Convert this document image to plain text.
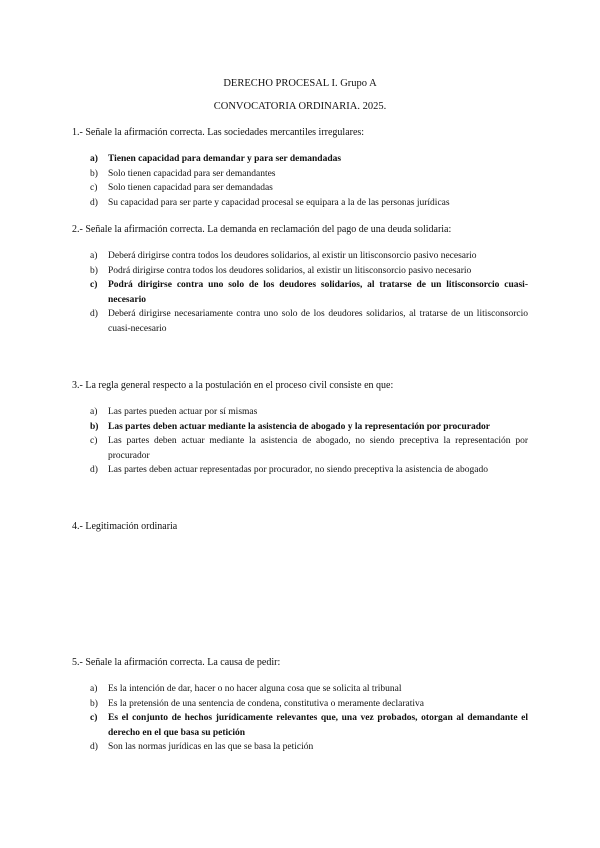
DERECHO PROCESAL I. Grupo A
CONVOCATORIA ORDINARIA. 2025.
1.- Señale la afirmación correcta. Las sociedades mercantiles irregulares:
a)	Tienen capacidad para demandar y para ser demandadas
b)	Solo tienen capacidad para ser demandantes
c)	Solo tienen capacidad para ser demandadas
d)	Su capacidad para ser parte y capacidad procesal se equipara a la de las personas jurídicas
2.- Señale la afirmación correcta. La demanda en reclamación del pago de una deuda solidaria:
a)	Deberá dirigirse contra todos los deudores solidarios, al existir un litisconsorcio pasivo necesario
b)	Podrá dirigirse contra todos los deudores solidarios, al existir un litisconsorcio pasivo necesario
c)	Podrá dirigirse contra uno solo de los deudores solidarios, al tratarse de un litisconsorcio cuasi-necesario
d)	Deberá dirigirse necesariamente contra uno solo de los deudores solidarios, al tratarse de un litisconsorcio cuasi-necesario
3.- La regla general respecto a la postulación en el proceso civil consiste en que:
a)	Las partes pueden actuar por sí mismas
b)	Las partes deben actuar mediante la asistencia de abogado y la representación por procurador
c)	Las partes deben actuar mediante la asistencia de abogado, no siendo preceptiva la representación por procurador
d)	Las partes deben actuar representadas por procurador, no siendo preceptiva la asistencia de abogado
4.- Legitimación ordinaria
5.- Señale la afirmación correcta. La causa de pedir:
a)	Es la intención de dar, hacer o no hacer alguna cosa que se solicita al tribunal
b)	Es la pretensión de una sentencia de condena, constitutiva o meramente declarativa
c)	Es el conjunto de hechos jurídicamente relevantes que, una vez probados, otorgan al demandante el derecho en el que basa su petición
d)	Son las normas jurídicas en las que se basa la petición
